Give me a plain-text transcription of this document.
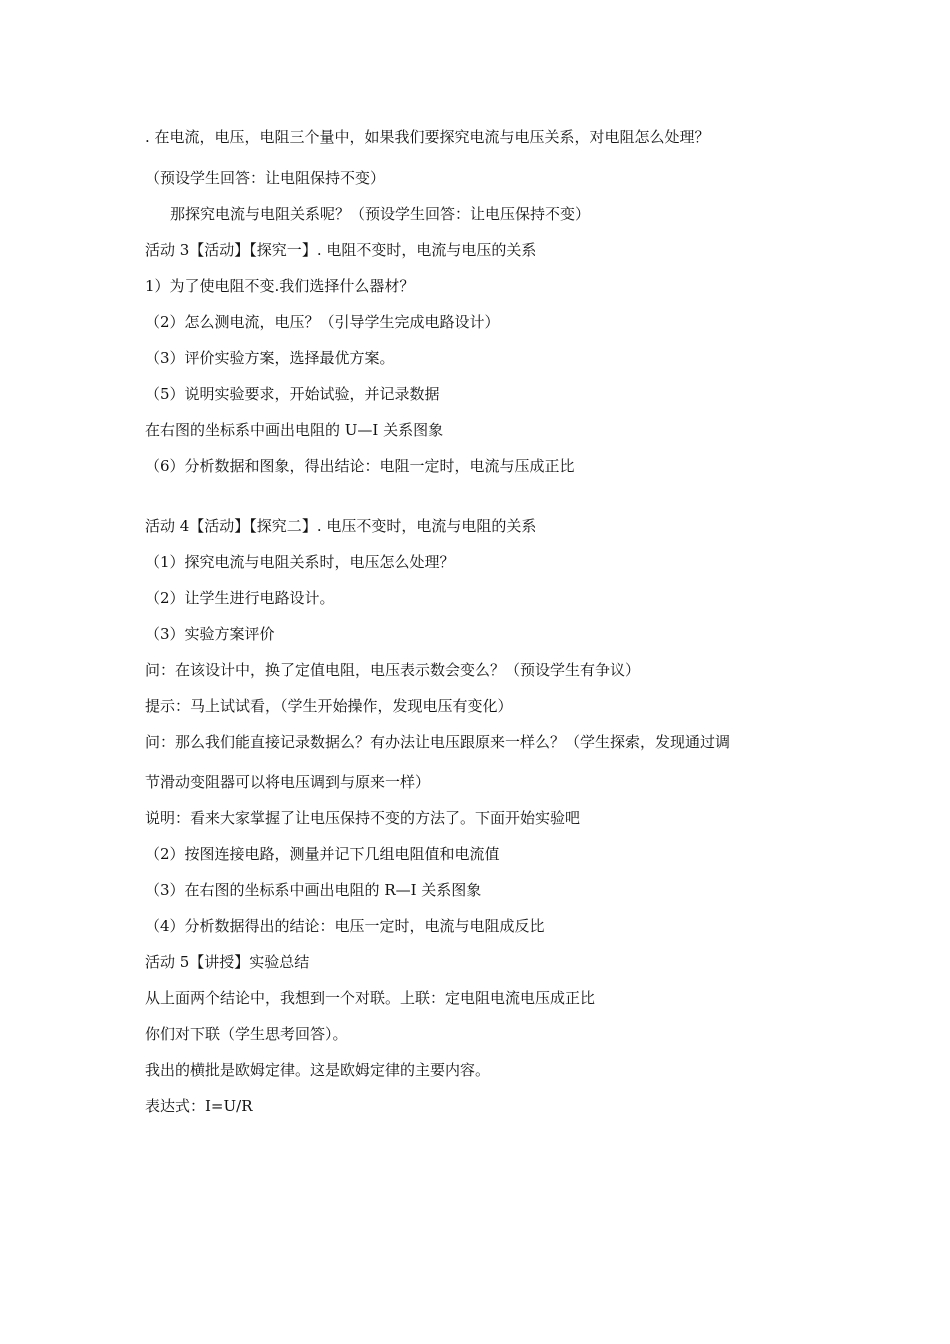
. 在电流，电压，电阻三个量中，如果我们要探究电流与电压关系，对电阻怎么处理？
（预设学生回答：让电阻保持不变）
那探究电流与电阻关系呢？（预设学生回答：让电压保持不变）
活动 3【活动】【探究一】. 电阻不变时，电流与电压的关系
1）为了使电阻不变.我们选择什么器材？
（2）怎么测电流，电压？（引导学生完成电路设计）
（3）评价实验方案，选择最优方案。
（5）说明实验要求，开始试验，并记录数据
在右图的坐标系中画出电阻的 U—I 关系图象
（6）分析数据和图象，得出结论：电阻一定时，电流与压成正比
活动 4【活动】【探究二】. 电压不变时，电流与电阻的关系
（1）探究电流与电阻关系时，电压怎么处理？
（2）让学生进行电路设计。
（3）实验方案评价
问：在该设计中，换了定值电阻，电压表示数会变么？（预设学生有争议）
提示：马上试试看，（学生开始操作，发现电压有变化）
问：那么我们能直接记录数据么？有办法让电压跟原来一样么？（学生探索，发现通过调
节滑动变阻器可以将电压调到与原来一样）
说明：看来大家掌握了让电压保持不变的方法了。下面开始实验吧
（2）按图连接电路，测量并记下几组电阻值和电流值
（3）在右图的坐标系中画出电阻的 R—I 关系图象
（4）分析数据得出的结论：电压一定时，电流与电阻成反比
活动 5【讲授】实验总结
从上面两个结论中，我想到一个对联。上联：定电阻电流电压成正比
你们对下联（学生思考回答）。
我出的横批是欧姆定律。这是欧姆定律的主要内容。
表达式：I=U/R
